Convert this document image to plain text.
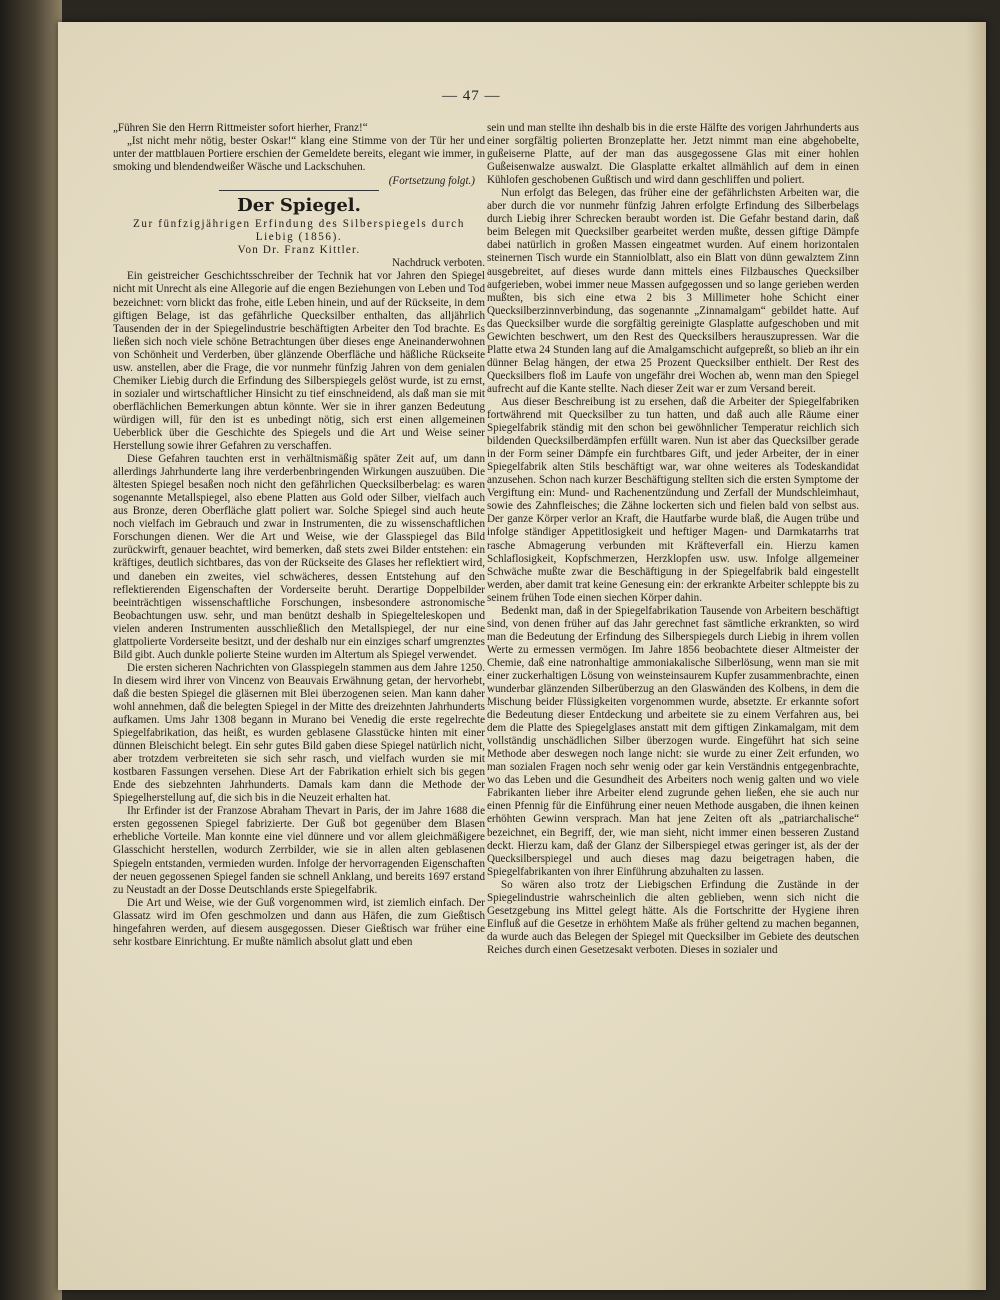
— 47 —

„Führen Sie den Herrn Rittmeister sofort hierher, Franz!“

„Ist nicht mehr nötig, bester Oskar!“ klang eine Stimme von der Tür her und unter der mattblauen Portiere erschien der Gemeldete bereits, elegant wie immer, in smoking und blendendweißer Wäsche und Lackschuhen.

(Fortsetzung folgt.)
Der Spiegel.

Zur fünfzigjährigen Erfindung des Silberspiegels durch Liebig (1856).

Von Dr. Franz Kittler.

Nachdruck verboten.

Ein geistreicher Geschichtsschreiber der Technik hat vor Jahren den Spiegel nicht mit Unrecht als eine Allegorie auf die engen Beziehungen von Leben und Tod bezeichnet: vorn blickt das frohe, eitle Leben hinein, und auf der Rückseite, in dem giftigen Belage, ist das gefährliche Quecksilber enthalten, das alljährlich Tausenden der in der Spiegelindustrie beschäftigten Arbeiter den Tod brachte. Es ließen sich noch viele schöne Betrachtungen über dieses enge Aneinanderwohnen von Schönheit und Verderben, über glänzende Oberfläche und häßliche Rückseite usw. anstellen, aber die Frage, die vor nunmehr fünfzig Jahren von dem genialen Chemiker Liebig durch die Erfindung des Silberspiegels gelöst wurde, ist zu ernst, in sozialer und wirtschaftlicher Hinsicht zu tief einschneidend, als daß man sie mit oberflächlichen Bemerkungen abtun könnte. Wer sie in ihrer ganzen Bedeutung würdigen will, für den ist es unbedingt nötig, sich erst einen allgemeinen Ueberblick über die Geschichte des Spiegels und die Art und Weise seiner Herstellung sowie ihrer Gefahren zu verschaffen.

Diese Gefahren tauchten erst in verhältnismäßig später Zeit auf, um dann allerdings Jahrhunderte lang ihre verderbenbringenden Wirkungen auszuüben. Die ältesten Spiegel besaßen noch nicht den gefährlichen Quecksilberbelag: es waren sogenannte Metallspiegel, also ebene Platten aus Gold oder Silber, vielfach auch aus Bronze, deren Oberfläche glatt poliert war. Solche Spiegel sind auch heute noch vielfach im Gebrauch und zwar in Instrumenten, die zu wissenschaftlichen Forschungen dienen. Wer die Art und Weise, wie der Glasspiegel das Bild zurückwirft, genauer beachtet, wird bemerken, daß stets zwei Bilder entstehen: ein kräftiges, deutlich sichtbares, das von der Rückseite des Glases her reflektiert wird, und daneben ein zweites, viel schwächeres, dessen Entstehung auf den reflektierenden Eigenschaften der Vorderseite beruht. Derartige Doppelbilder beeinträchtigen wissenschaftliche Forschungen, insbesondere astronomische Beobachtungen usw. sehr, und man benützt deshalb in Spiegelteleskopen und vielen anderen Instrumenten ausschließlich den Metallspiegel, der nur eine glattpolierte Vorderseite besitzt, und der deshalb nur ein einziges scharf umgrenztes Bild gibt. Auch dunkle polierte Steine wurden im Altertum als Spiegel verwendet.

Die ersten sicheren Nachrichten von Glasspiegeln stammen aus dem Jahre 1250. In diesem wird ihrer von Vincenz von Beauvais Erwähnung getan, der hervorhebt, daß die besten Spiegel die gläsernen mit Blei überzogenen seien. Man kann daher wohl annehmen, daß die belegten Spiegel in der Mitte des dreizehnten Jahrhunderts aufkamen. Ums Jahr 1308 begann in Murano bei Venedig die erste regelrechte Spiegelfabrikation, das heißt, es wurden geblasene Glasstücke hinten mit einer dünnen Bleischicht belegt. Ein sehr gutes Bild gaben diese Spiegel natürlich nicht, aber trotzdem verbreiteten sie sich sehr rasch, und vielfach wurden sie mit kostbaren Fassungen versehen. Diese Art der Fabrikation erhielt sich bis gegen Ende des siebzehnten Jahrhunderts. Damals kam dann die Methode der Spiegelherstellung auf, die sich bis in die Neuzeit erhalten hat.

Ihr Erfinder ist der Franzose Abraham Thevart in Paris, der im Jahre 1688 die ersten gegossenen Spiegel fabrizierte. Der Guß bot gegenüber dem Blasen erhebliche Vorteile. Man konnte eine viel dünnere und vor allem gleichmäßigere Glasschicht herstellen, wodurch Zerrbilder, wie sie in allen alten geblasenen Spiegeln entstanden, vermieden wurden. Infolge der hervorragenden Eigenschaften der neuen gegossenen Spiegel fanden sie schnell Anklang, und bereits 1697 erstand zu Neustadt an der Dosse Deutschlands erste Spiegelfabrik.

Die Art und Weise, wie der Guß vorgenommen wird, ist ziemlich einfach. Der Glassatz wird im Ofen geschmolzen und dann aus Häfen, die zum Gießtisch hingefahren werden, auf diesem ausgegossen. Dieser Gießtisch war früher eine sehr kostbare Einrichtung. Er mußte nämlich absolut glatt und eben

sein und man stellte ihn deshalb bis in die erste Hälfte des vorigen Jahrhunderts aus einer sorgfältig polierten Bronzeplatte her. Jetzt nimmt man eine abgehobelte, gußeiserne Platte, auf der man das ausgegossene Glas mit einer hohlen Gußeisenwalze auswalzt. Die Glasplatte erkaltet allmählich auf dem in einen Kühlofen geschobenen Gußtisch und wird dann geschliffen und poliert.

Nun erfolgt das Belegen, das früher eine der gefährlichsten Arbeiten war, die aber durch die vor nunmehr fünfzig Jahren erfolgte Erfindung des Silberbelags durch Liebig ihrer Schrecken beraubt worden ist. Die Gefahr bestand darin, daß beim Belegen mit Quecksilber gearbeitet werden mußte, dessen giftige Dämpfe dabei natürlich in großen Massen eingeatmet wurden. Auf einem horizontalen steinernen Tisch wurde ein Stanniolblatt, also ein Blatt von dünn gewalztem Zinn ausgebreitet, auf dieses wurde dann mittels eines Filzbausches Quecksilber aufgerieben, wobei immer neue Massen aufgegossen und so lange gerieben werden mußten, bis sich eine etwa 2 bis 3 Millimeter hohe Schicht einer Quecksilberzinnverbindung, das sogenannte „Zinnamalgam“ gebildet hatte. Auf das Quecksilber wurde die sorgfältig gereinigte Glasplatte aufgeschoben und mit Gewichten beschwert, um den Rest des Quecksilbers herauszupressen. War die Platte etwa 24 Stunden lang auf die Amalgamschicht aufgepreßt, so blieb an ihr ein dünner Belag hängen, der etwa 25 Prozent Quecksilber enthielt. Der Rest des Quecksilbers floß im Laufe von ungefähr drei Wochen ab, wenn man den Spiegel aufrecht auf die Kante stellte. Nach dieser Zeit war er zum Versand bereit.

Aus dieser Beschreibung ist zu ersehen, daß die Arbeiter der Spiegelfabriken fortwährend mit Quecksilber zu tun hatten, und daß auch alle Räume einer Spiegelfabrik ständig mit den schon bei gewöhnlicher Temperatur reichlich sich bildenden Quecksilberdämpfen erfüllt waren. Nun ist aber das Quecksilber gerade in der Form seiner Dämpfe ein furchtbares Gift, und jeder Arbeiter, der in einer Spiegelfabrik alten Stils beschäftigt war, war ohne weiteres als Todeskandidat anzusehen. Schon nach kurzer Beschäftigung stellten sich die ersten Symptome der Vergiftung ein: Mund- und Rachenentzündung und Zerfall der Mundschleimhaut, sowie des Zahnfleisches; die Zähne lockerten sich und fielen bald von selbst aus. Der ganze Körper verlor an Kraft, die Hautfarbe wurde blaß, die Augen trübe und infolge ständiger Appetitlosigkeit und heftiger Magen- und Darmkatarrhs trat rasche Abmagerung verbunden mit Kräfteverfall ein. Hierzu kamen Schlaflosigkeit, Kopfschmerzen, Herzklopfen usw. usw. Infolge allgemeiner Schwäche mußte zwar die Beschäftigung in der Spiegelfabrik bald eingestellt werden, aber damit trat keine Genesung ein: der erkrankte Arbeiter schleppte bis zu seinem frühen Tode einen siechen Körper dahin.

Bedenkt man, daß in der Spiegelfabrikation Tausende von Arbeitern beschäftigt sind, von denen früher auf das Jahr gerechnet fast sämtliche erkrankten, so wird man die Bedeutung der Erfindung des Silberspiegels durch Liebig in ihrem vollen Werte zu ermessen vermögen. Im Jahre 1856 beobachtete dieser Altmeister der Chemie, daß eine natronhaltige ammoniakalische Silberlösung, wenn man sie mit einer zuckerhaltigen Lösung von weinsteinsaurem Kupfer zusammenbrachte, einen wunderbar glänzenden Silberüberzug an den Glaswänden des Kolbens, in dem die Mischung beider Flüssigkeiten vorgenommen wurde, absetzte. Er erkannte sofort die Bedeutung dieser Entdeckung und arbeitete sie zu einem Verfahren aus, bei dem die Platte des Spiegelglases anstatt mit dem giftigen Zinkamalgam, mit dem vollständig unschädlichen Silber überzogen wurde. Eingeführt hat sich seine Methode aber deswegen noch lange nicht: sie wurde zu einer Zeit erfunden, wo man sozialen Fragen noch sehr wenig oder gar kein Verständnis entgegenbrachte, wo das Leben und die Gesundheit des Arbeiters noch wenig galten und wo viele Fabrikanten lieber ihre Arbeiter elend zugrunde gehen ließen, ehe sie auch nur einen Pfennig für die Einführung einer neuen Methode ausgaben, die ihnen keinen erhöhten Gewinn versprach. Man hat jene Zeiten oft als „patriarchalische“ bezeichnet, ein Begriff, der, wie man sieht, nicht immer einen besseren Zustand deckt. Hierzu kam, daß der Glanz der Silberspiegel etwas geringer ist, als der der Quecksilberspiegel und auch dieses mag dazu beigetragen haben, die Spiegelfabrikanten von ihrer Einführung abzuhalten zu lassen.

So wären also trotz der Liebigschen Erfindung die Zustände in der Spiegelindustrie wahrscheinlich die alten geblieben, wenn sich nicht die Gesetzgebung ins Mittel gelegt hätte. Als die Fortschritte der Hygiene ihren Einfluß auf die Gesetze in erhöhtem Maße als früher geltend zu machen begannen, da wurde auch das Belegen der Spiegel mit Quecksilber im Gebiete des deutschen Reiches durch einen Gesetzesakt verboten. Dieses in sozialer und
